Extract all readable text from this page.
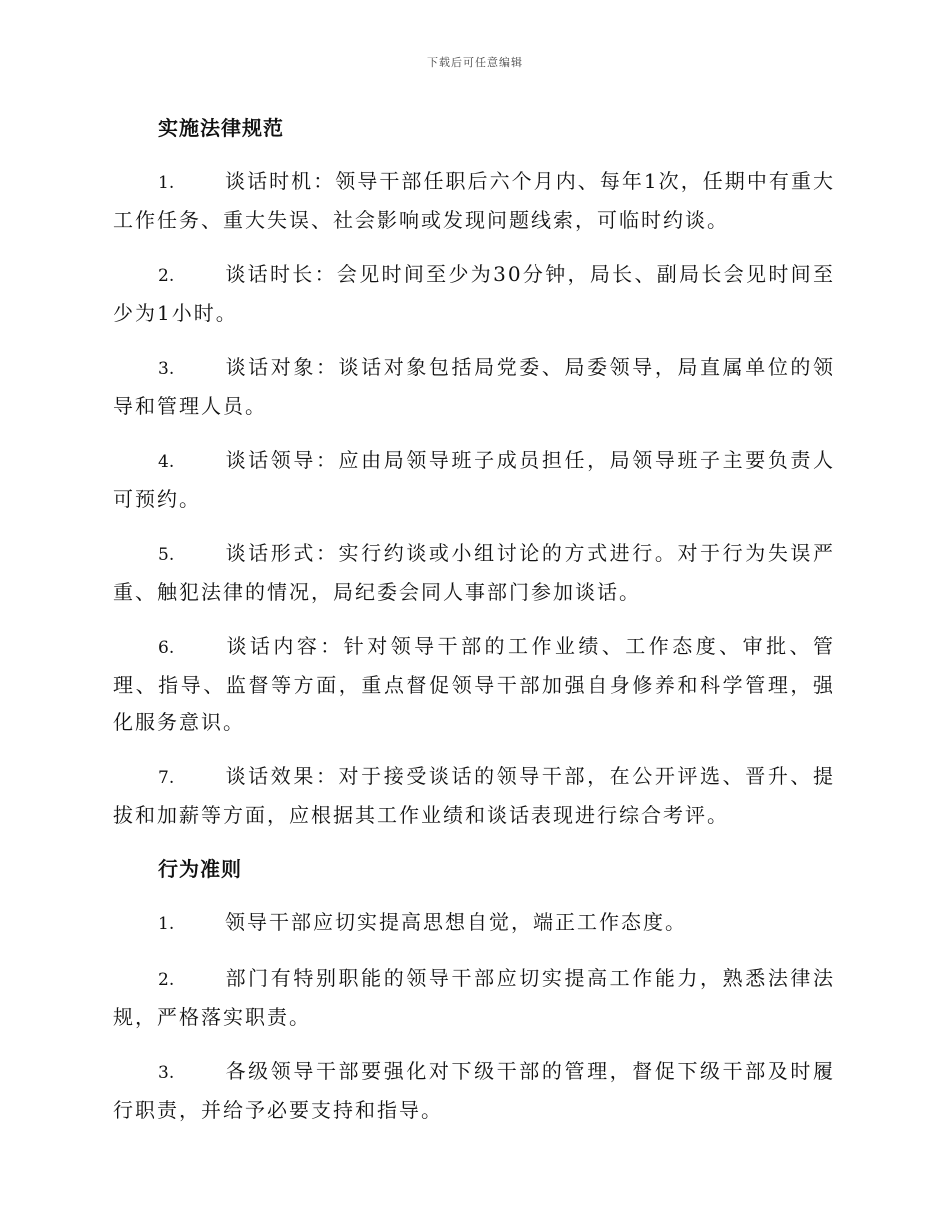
下载后可任意编辑
实施法律规范
1.	谈话时机：领导干部任职后六个月内、每年1次，任期中有重大工作任务、重大失误、社会影响或发现问题线索，可临时约谈。
2.	谈话时长：会见时间至少为30分钟，局长、副局长会见时间至少为1小时。
3.	谈话对象：谈话对象包括局党委、局委领导，局直属单位的领导和管理人员。
4.	谈话领导：应由局领导班子成员担任，局领导班子主要负责人可预约。
5.	谈话形式：实行约谈或小组讨论的方式进行。对于行为失误严重、触犯法律的情况，局纪委会同人事部门参加谈话。
6.	谈话内容：针对领导干部的工作业绩、工作态度、审批、管理、指导、监督等方面，重点督促领导干部加强自身修养和科学管理，强化服务意识。
7.	谈话效果：对于接受谈话的领导干部，在公开评选、晋升、提拔和加薪等方面，应根据其工作业绩和谈话表现进行综合考评。
行为准则
1.	领导干部应切实提高思想自觉，端正工作态度。
2.	部门有特别职能的领导干部应切实提高工作能力，熟悉法律法规，严格落实职责。
3.	各级领导干部要强化对下级干部的管理，督促下级干部及时履行职责，并给予必要支持和指导。
